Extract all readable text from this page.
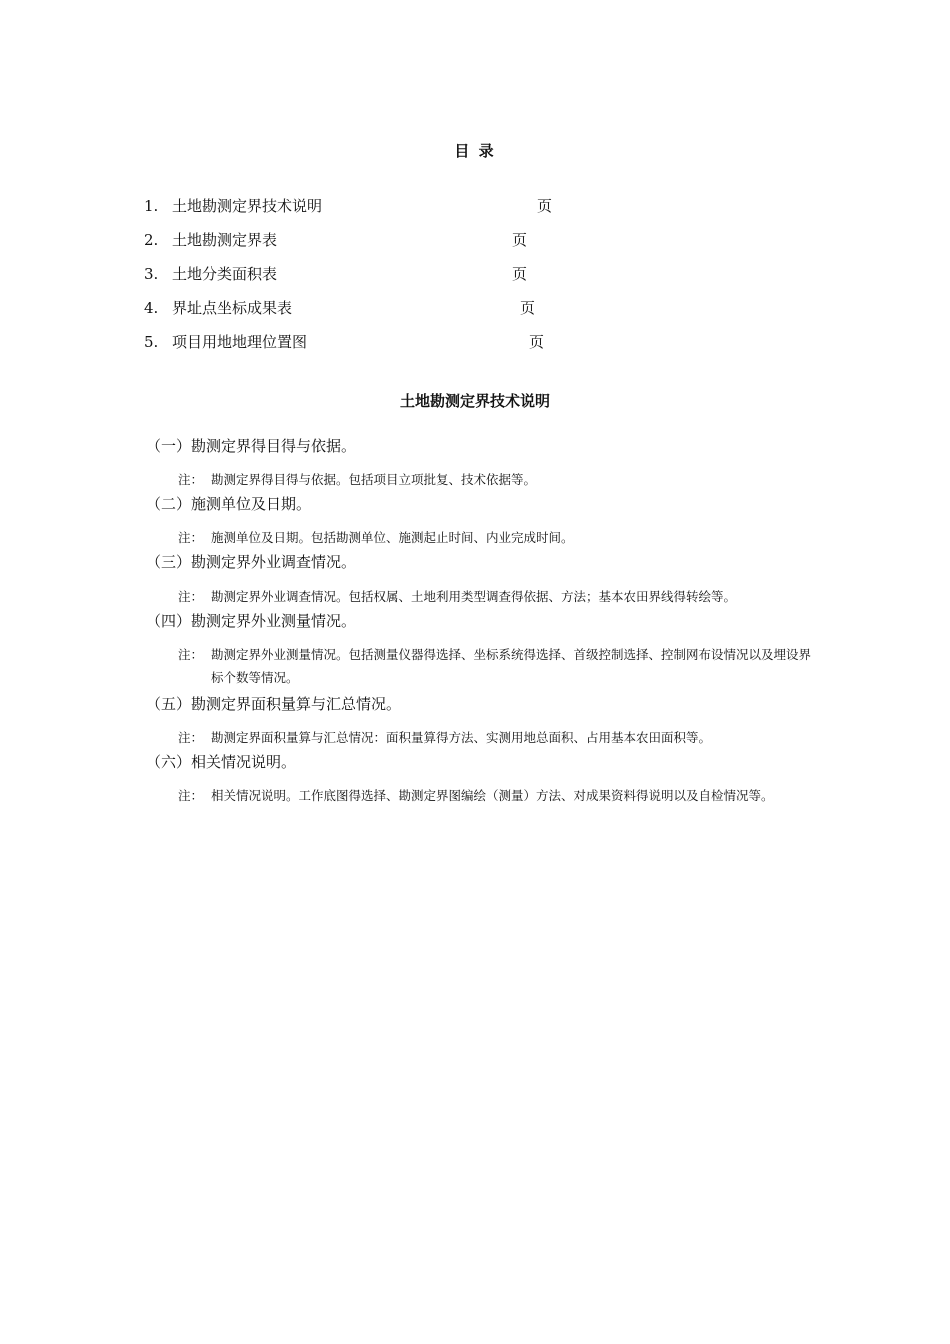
目 录
1. 土地勘测定界技术说明	页
2. 土地勘测定界表	页
3. 土地分类面积表	页
4. 界址点坐标成果表	页
5. 项目用地地理位置图	页
土地勘测定界技术说明
（一）勘测定界得目得与依据。
注： 勘测定界得目得与依据。包括项目立项批复、技术依据等。
（二）施测单位及日期。
注： 施测单位及日期。包括勘测单位、施测起止时间、内业完成时间。
（三）勘测定界外业调查情况。
注： 勘测定界外业调查情况。包括权属、土地利用类型调查得依据、方法；基本农田界线得转绘等。
（四）勘测定界外业测量情况。
注： 勘测定界外业测量情况。包括测量仪器得选择、坐标系统得选择、首级控制选择、控制网布设情况以及埋设界标个数等情况。
（五）勘测定界面积量算与汇总情况。
注： 勘测定界面积量算与汇总情况：面积量算得方法、实测用地总面积、占用基本农田面积等。
（六）相关情况说明。
注： 相关情况说明。工作底图得选择、勘测定界图编绘（测量）方法、对成果资料得说明以及自检情况等。
